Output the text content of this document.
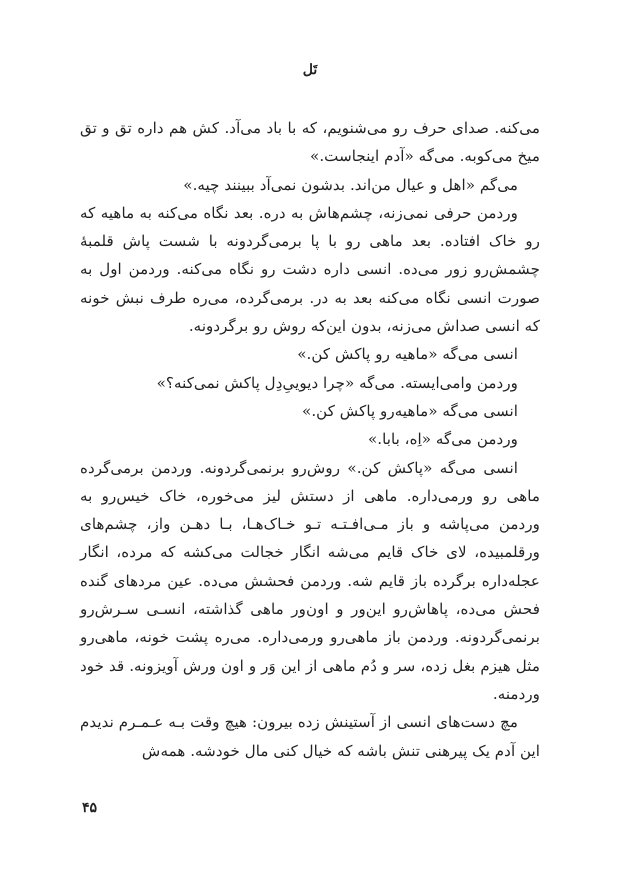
تَل

می‌کنه. صدای حرف رو می‌شنویم، که با باد می‌آد. کش هم داره تق و تق میخ می‌کوبه. می‌گه «آدم اینجاست.»

می‌گم «اهل و عیال من‌اند. بدشون نمی‌آد ببینند چیه.»

وردمن حرفی نمی‌زنه، چشم‌هاش به دره. بعد نگاه می‌کنه به ماهیه که رو خاک افتاده. بعد ماهی رو با پا برمی‌گردونه با شست پاش قلمبهٔ چشمش‌رو زور می‌ده. انسی داره دشت رو نگاه می‌کنه. وردمن اول به صورت انسی نگاه می‌کنه بعد به در. برمی‌گرده، می‌ره طرف نبش خونه که انسی صداش می‌زنه، بدون این‌که روش رو برگردونه.

انسی می‌گه «ماهیه رو پاکش کن.»

وردمن وامی‌ایسته. می‌گه «چرا دیوییِ‌دِل پاکش نمی‌کنه؟»

انسی می‌گه «ماهیه‌رو پاکش کن.»

وردمن می‌گه «اِه، بابا.»

انسی می‌گه «پاکش کن.» روش‌رو برنمی‌گردونه. وردمن برمی‌گرده ماهی رو ورمی‌داره. ماهی از دستش لیز می‌خوره، خاک خیس‌رو به وردمن می‌پاشه و باز مـی‌افـتـه تـو خـاک‌هـا، بـا دهـن واز، چشم‌های ورقلمبیده، لای خاک قایم می‌شه انگار خجالت می‌کشه که مرده، انگار عجله‌داره برگرده باز قایم شه. وردمن فحشش می‌ده. عین مردهای گنده فحش می‌ده، پاهاش‌رو این‌ور و اون‌ور ماهی گذاشته، انسـی سـرش‌رو برنمی‌گردونه. وردمن باز ماهی‌رو ورمی‌داره. می‌ره پشت خونه، ماهی‌رو مثل هیزم بغل زده، سر و دُم ماهی از این وَر و اون ورش آویزونه. قد خود وردمنه.

مچ دست‌های انسی از آستینش زده بیرون: هیچ وقت بـه عـمـرم ندیدم این آدم یک پیرهنی تنش باشه که خیال کنی مال خودشه. همه‌ش

۴۵
